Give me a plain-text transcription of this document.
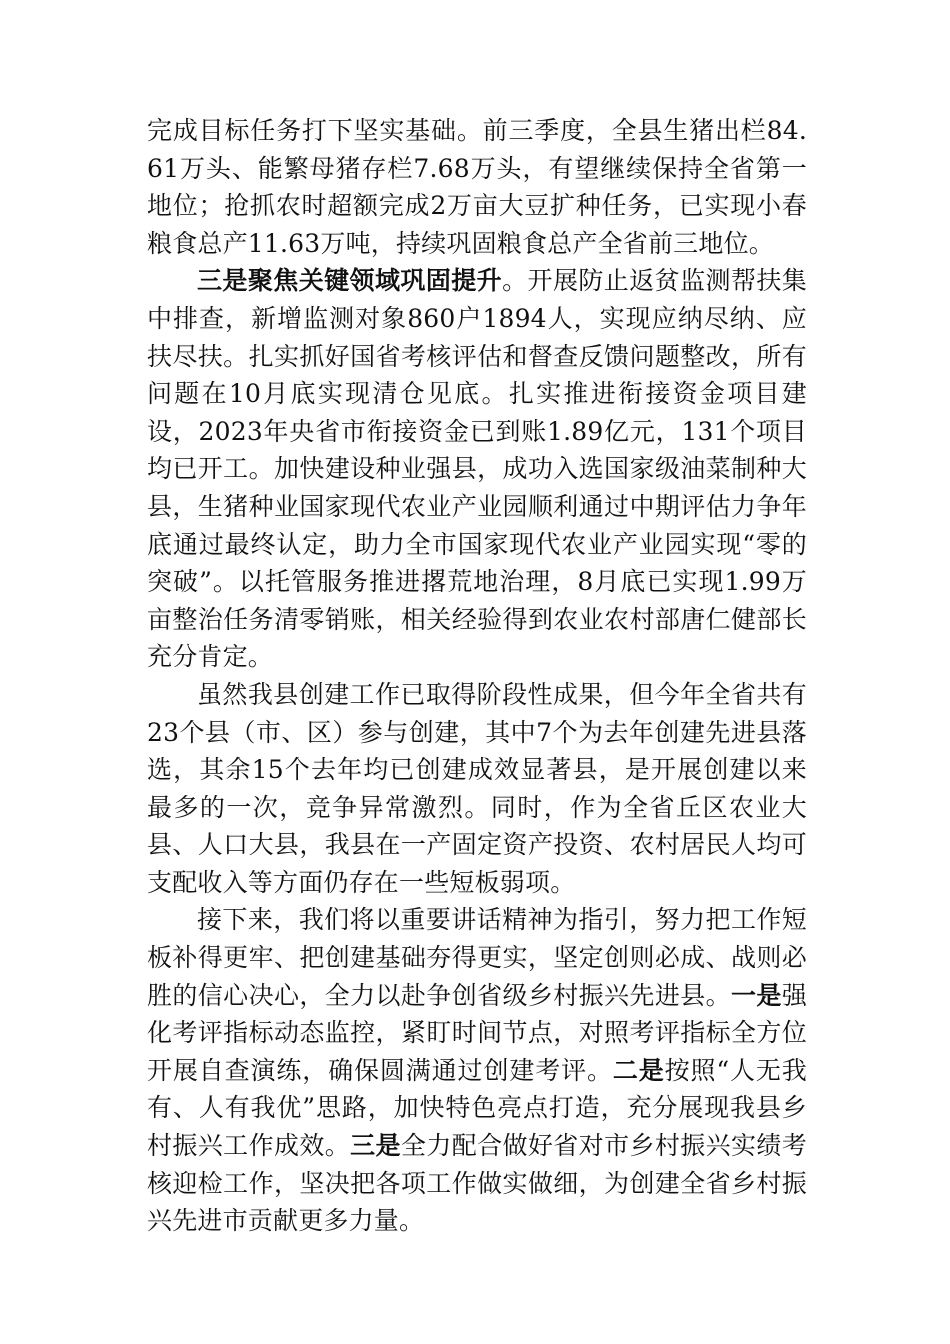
完成目标任务打下坚实基础。前三季度，全县生猪出栏84.61万头、能繁母猪存栏7.68万头，有望继续保持全省第一地位；抢抓农时超额完成2万亩大豆扩种任务，已实现小春粮食总产11.63万吨，持续巩固粮食总产全省前三地位。

三是聚焦关键领域巩固提升。开展防止返贫监测帮扶集中排查，新增监测对象860户1894人，实现应纳尽纳、应扶尽扶。扎实抓好国省考核评估和督查反馈问题整改，所有问题在10月底实现清仓见底。扎实推进衔接资金项目建设，2023年央省市衔接资金已到账1.89亿元，131个项目均已开工。加快建设种业强县，成功入选国家级油菜制种大县，生猪种业国家现代农业产业园顺利通过中期评估力争年底通过最终认定，助力全市国家现代农业产业园实现“零的突破”。以托管服务推进撂荒地治理，8月底已实现1.99万亩整治任务清零销账，相关经验得到农业农村部唐仁健部长充分肯定。

虽然我县创建工作已取得阶段性成果，但今年全省共有23个县（市、区）参与创建，其中7个为去年创建先进县落选，其余15个去年均已创建成效显著县，是开展创建以来最多的一次，竞争异常激烈。同时，作为全省丘区农业大县、人口大县，我县在一产固定资产投资、农村居民人均可支配收入等方面仍存在一些短板弱项。

接下来，我们将以重要讲话精神为指引，努力把工作短板补得更牢、把创建基础夯得更实，坚定创则必成、战则必胜的信心决心，全力以赴争创省级乡村振兴先进县。一是强化考评指标动态监控，紧盯时间节点，对照考评指标全方位开展自查演练，确保圆满通过创建考评。二是按照“人无我有、人有我优”思路，加快特色亮点打造，充分展现我县乡村振兴工作成效。三是全力配合做好省对市乡村振兴实绩考核迎检工作，坚决把各项工作做实做细，为创建全省乡村振兴先进市贡献更多力量。
